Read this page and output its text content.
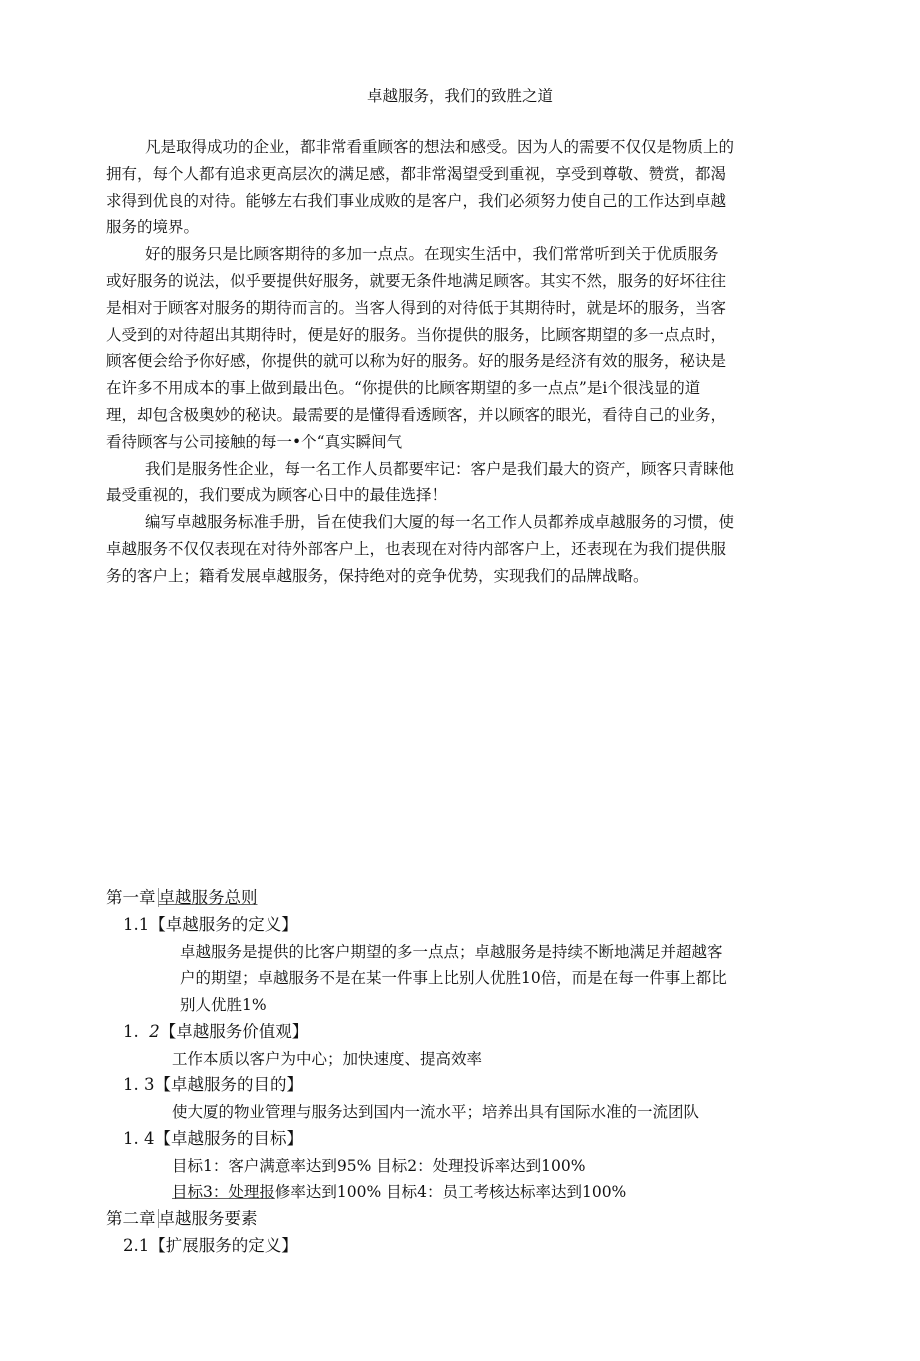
卓越服务，我们的致胜之道
凡是取得成功的企业，都非常看重顾客的想法和感受。因为人的需要不仅仅是物质上的
拥有，每个人都有追求更高层次的满足感，都非常渴望受到重视，享受到尊敬、赞赏，都渴
求得到优良的对待。能够左右我们事业成败的是客户，我们必须努力使自己的工作达到卓越
服务的境界。
好的服务只是比顾客期待的多加一点点。在现实生活中，我们常常听到关于优质服务
或好服务的说法，似乎要提供好服务，就要无条件地满足顾客。其实不然，服务的好坏往往
是相对于顾客对服务的期待而言的。当客人得到的对待低于其期待时，就是坏的服务，当客
人受到的对待超出其期待时，便是好的服务。当你提供的服务，比顾客期望的多一点点时，
顾客便会给予你好感，你提供的就可以称为好的服务。好的服务是经济有效的服务，秘诀是
在许多不用成本的事上做到最出色。“你提供的比顾客期望的多一点点”是i个很浅显的道
理，却包含极奥妙的秘诀。最需要的是懂得看透顾客，并以顾客的眼光，看待自己的业务，
看待顾客与公司接触的每一•个“真实瞬间气
我们是服务性企业，每一名工作人员都要牢记：客户是我们最大的资产，顾客只青睐他
最受重视的，我们要成为顾客心日中的最佳选择！
编写卓越服务标准手册，旨在使我们大厦的每一名工作人员都养成卓越服务的习惯，使
卓越服务不仅仅表现在对待外部客户上，也表现在对待内部客户上，还表现在为我们提供服
务的客户上；籍肴发展卓越服务，保持绝对的竞争优势，实现我们的品牌战略。
第一章 卓越服务总则
1.1【卓越服务的定义】
卓越服务是提供的比客户期望的多一点点；卓越服务是持续不断地满足并超越客
户的期望；卓越服务不是在某一件事上比别人优胜10倍，而是在每一件事上都比
别人优胜1%
1. 2【卓越服务价值观】
工作本质以客户为中心；加快速度、提高效率
1. 3【卓越服务的目的】
使大厦的物业管理与服务达到国内一流水平；培养出具有国际水准的一流团队
1. 4【卓越服务的目标】
目标1：客户满意率达到95% 目标2：处理投诉率达到100%
目标3：处理报修率达到100% 目标4：员工考核达标率达到100%
第二章 卓越服务要素
2.1【扩展服务的定义】
